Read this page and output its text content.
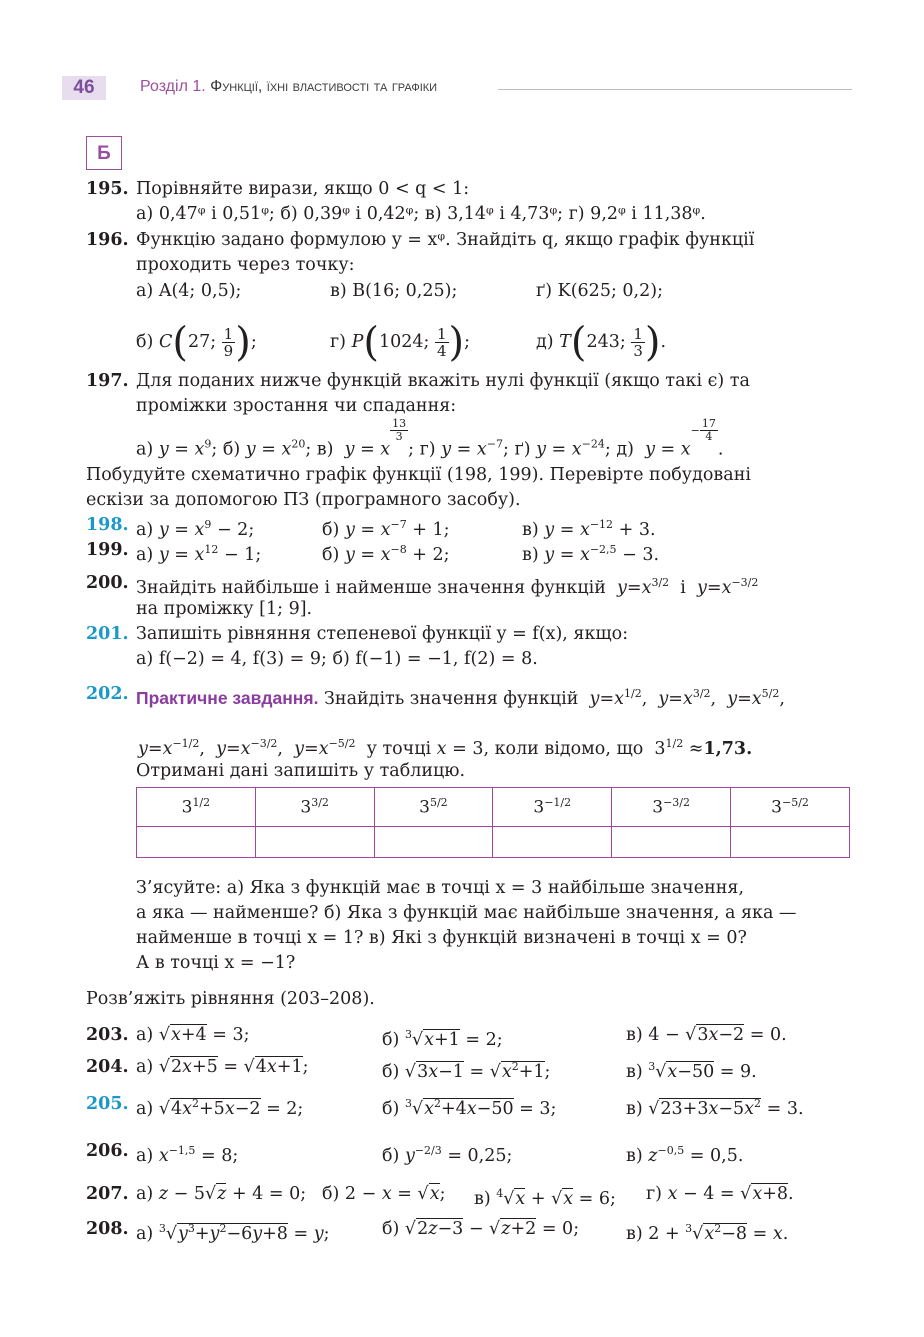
46	Розділ 1. Функції, їхні властивості та графіки
Б
195. Порівняйте вирази, якщо 0 < q < 1:
а) 0,47ᵠ і 0,51ᵠ; б) 0,39ᵠ і 0,42ᵠ; в) 3,14ᵠ і 4,73ᵠ; г) 9,2ᵠ і 11,38ᵠ.
196. Функцію задано формулою y = xᵠ. Знайдіть q, якщо графік функції
проходить через точку:
а) A(4; 0,5);	в) B(16; 0,25);	ґ) K(625; 0,2);
б) C(27; $\frac{1}{9}$ );	г) P(1024; $\frac{1}{4}$ );	д) T(243; $\frac{1}{3}$ ).
197. Для поданих нижче функцій вкажіть нулі функції (якщо такі є) та
проміжки зростання чи спадання:
а) $y = x^9$; б) $y = x^{20}$; в)  y = x
$^{\frac{13}{3}}$
; г) $y = x^{-7}$; ґ) $y = x^{-24}$; д)  $y = x^{- \frac{17}{4}}$
.
Побудуйте схематично графік функції (198, 199). Перевірте побудовані
ескізи за допомогою ПЗ (програмного засобу).
198. а) $y = x^9 - 2$;	б) $y = x^{-7} + 1$;	в) $y = x^{-12} + 3$.
199. а) $y = x^{12} - 1$;	б) $y = x^{-8} + 2$;	в) $y = x^{-2,5} - 3$.
200. Знайдіть найбільше і найменше значення функцій  $y=x^{3/2}$  і  $y=x^{-3/2}$
на проміжку [1; 9].
201. Запишіть рівняння степеневої функції y = f(x), якщо:
а) f(−2) = 4, f(3) = 9; б) f(−1) = −1, f(2) = 8.
202. Практичне завдання. Знайдіть значення функцій  $y=x^{1/2}$,  $y=x^{3/2}$,  $y=x^{5/2}$,
$y=x^{-1/2}$,  $y=x^{-3/2}$,  $y=x^{-5/2}$  у точці x = 3, коли відомо, що  $3^{1/2} \approx 1,73$.
Отримані дані запишіть у таблицю.
$3^{1/2}$	$3^{3/2}$	$3^{5/2}$	$3^{-1/2}$	$3^{-3/2}$	$3^{-5/2}$

З’ясуйте: а) Яка з функцій має в точці x = 3 найбільше значення,
а яка — найменше? б) Яка з функцій має найбільше значення, а яка —
найменше в точці x = 1? в) Які з функцій визначені в точці x = 0?
А в точці x = −1?
Розв’яжіть рівняння (203–208).
203. а) √x+4 = 3;	б) $^3$√x+1 = 2;	в) 4 − √3x−2 = 0.
204. а) √2x+5 = √4x+1;	б) $√3x-1 = √x^2+1$;	в) $^3$√x−50 = 9.
205. а) $√4x^2+5x-2 = 2$;	б) $^3√x^2+4x-50 = 3$;	в) $√23+3x-5x^2 = 3$.
206. а) $x^{-1,5} = 8$;	б) $y^{-2/3} = 0,25$;	в) $z^{-0,5} = 0,5$.
207. а) z − 5√z + 4 = 0; б) 2 − x = √x; в) $^4$√x + √x = 6; г) x − 4 = √x+8.
208. а) $^3√y^3+y^2-6y+8 = y$;	б) √2z−3 − √z+2 = 0;	в) $2 + ^3√x^2-8 = x$.
